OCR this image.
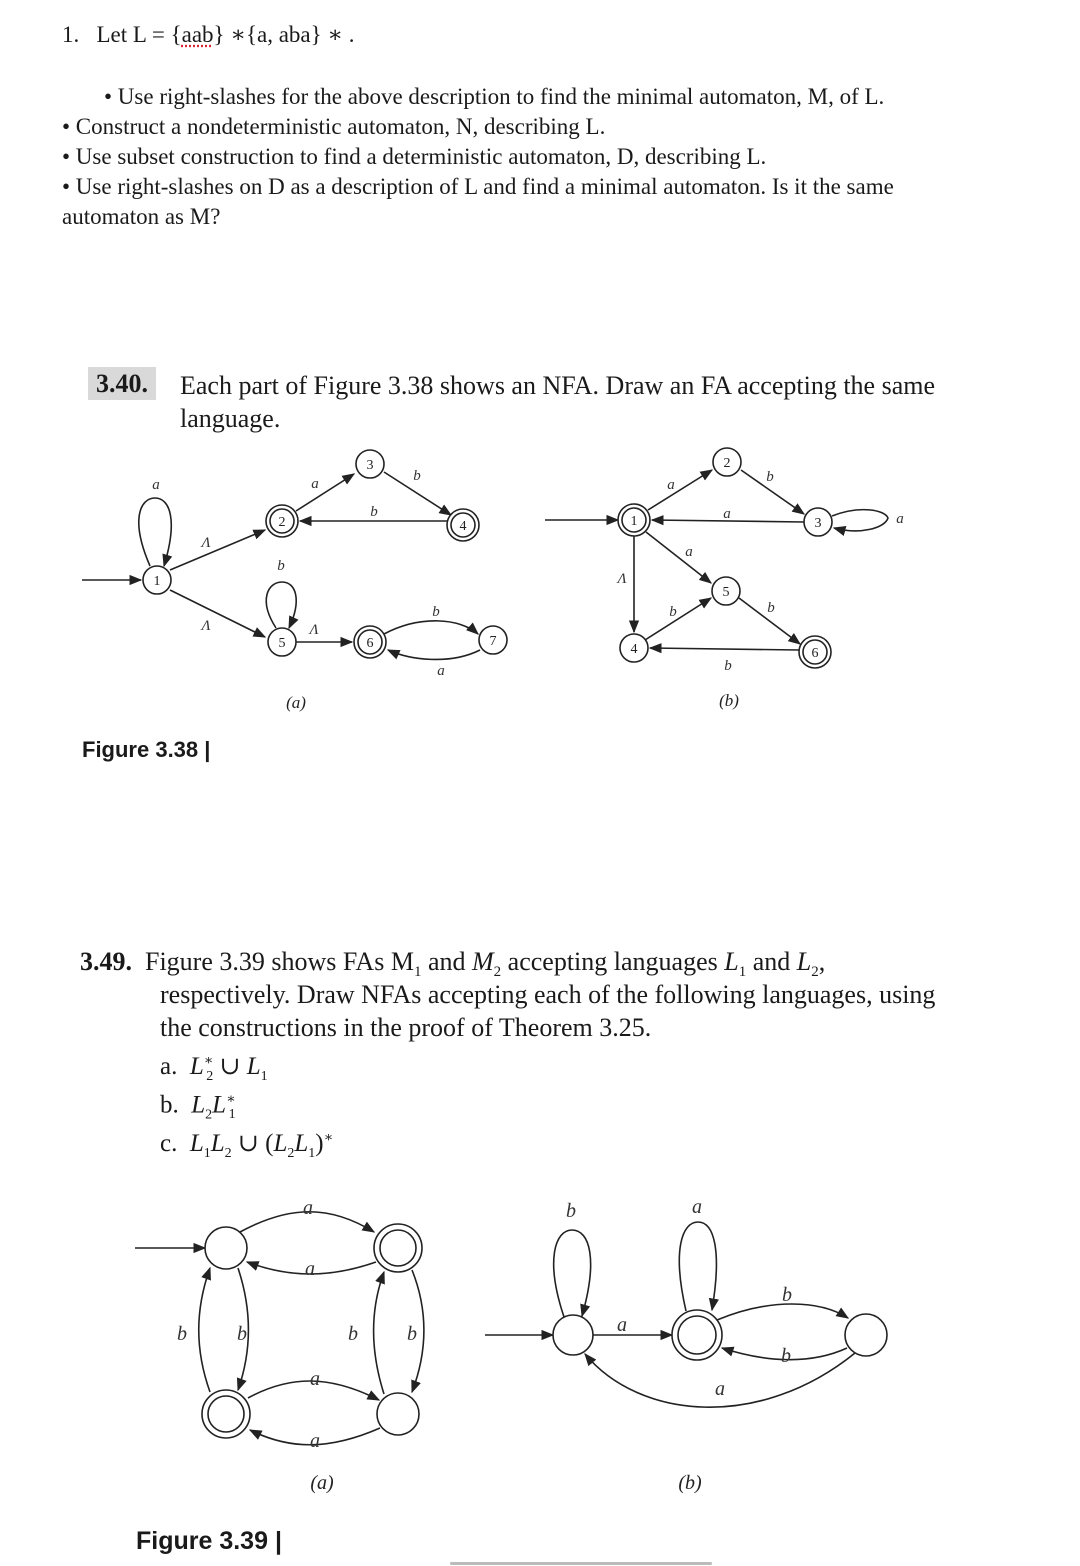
1. Let L = {aab} ∗{a, aba} ∗ .
• Use right-slashes for the above description to find the minimal automaton, M, of L.
• Construct a nondeterministic automaton, N, describing L.
• Use subset construction to find a deterministic automaton, D, describing L.
• Use right-slashes on D as a description of L and find a minimal automaton. Is it the same
automaton as M?
3.40.	Each part of Figure 3.38 shows an NFA. Draw an FA accepting the same
language.
1
2
3
4
5	6	7
a
Λ
Λ
a	b
b
b
Λ
b
a
(a)
1
2
3
4
5
6
a
a	a
b
a
Λ
b	b
b
(b)
Figure 3.38 |
3.49. Figure 3.39 shows FAs $M_1$ and $M_2$ accepting languages $L_1$ and $L_2$,
respectively. Draw NFAs accepting each of the following languages, using
the constructions in the proof of Theorem 3.25.
a. $L^∗_2$ ∪ $L_1$
b. $L_2L^∗_1$
c. $L_1L_2$ ∪ $(L_2L_1)^∗$
a
a
a
a
b	b	b b
(a)
b	a
a
b
b
a
(b)
Figure 3.39 |
